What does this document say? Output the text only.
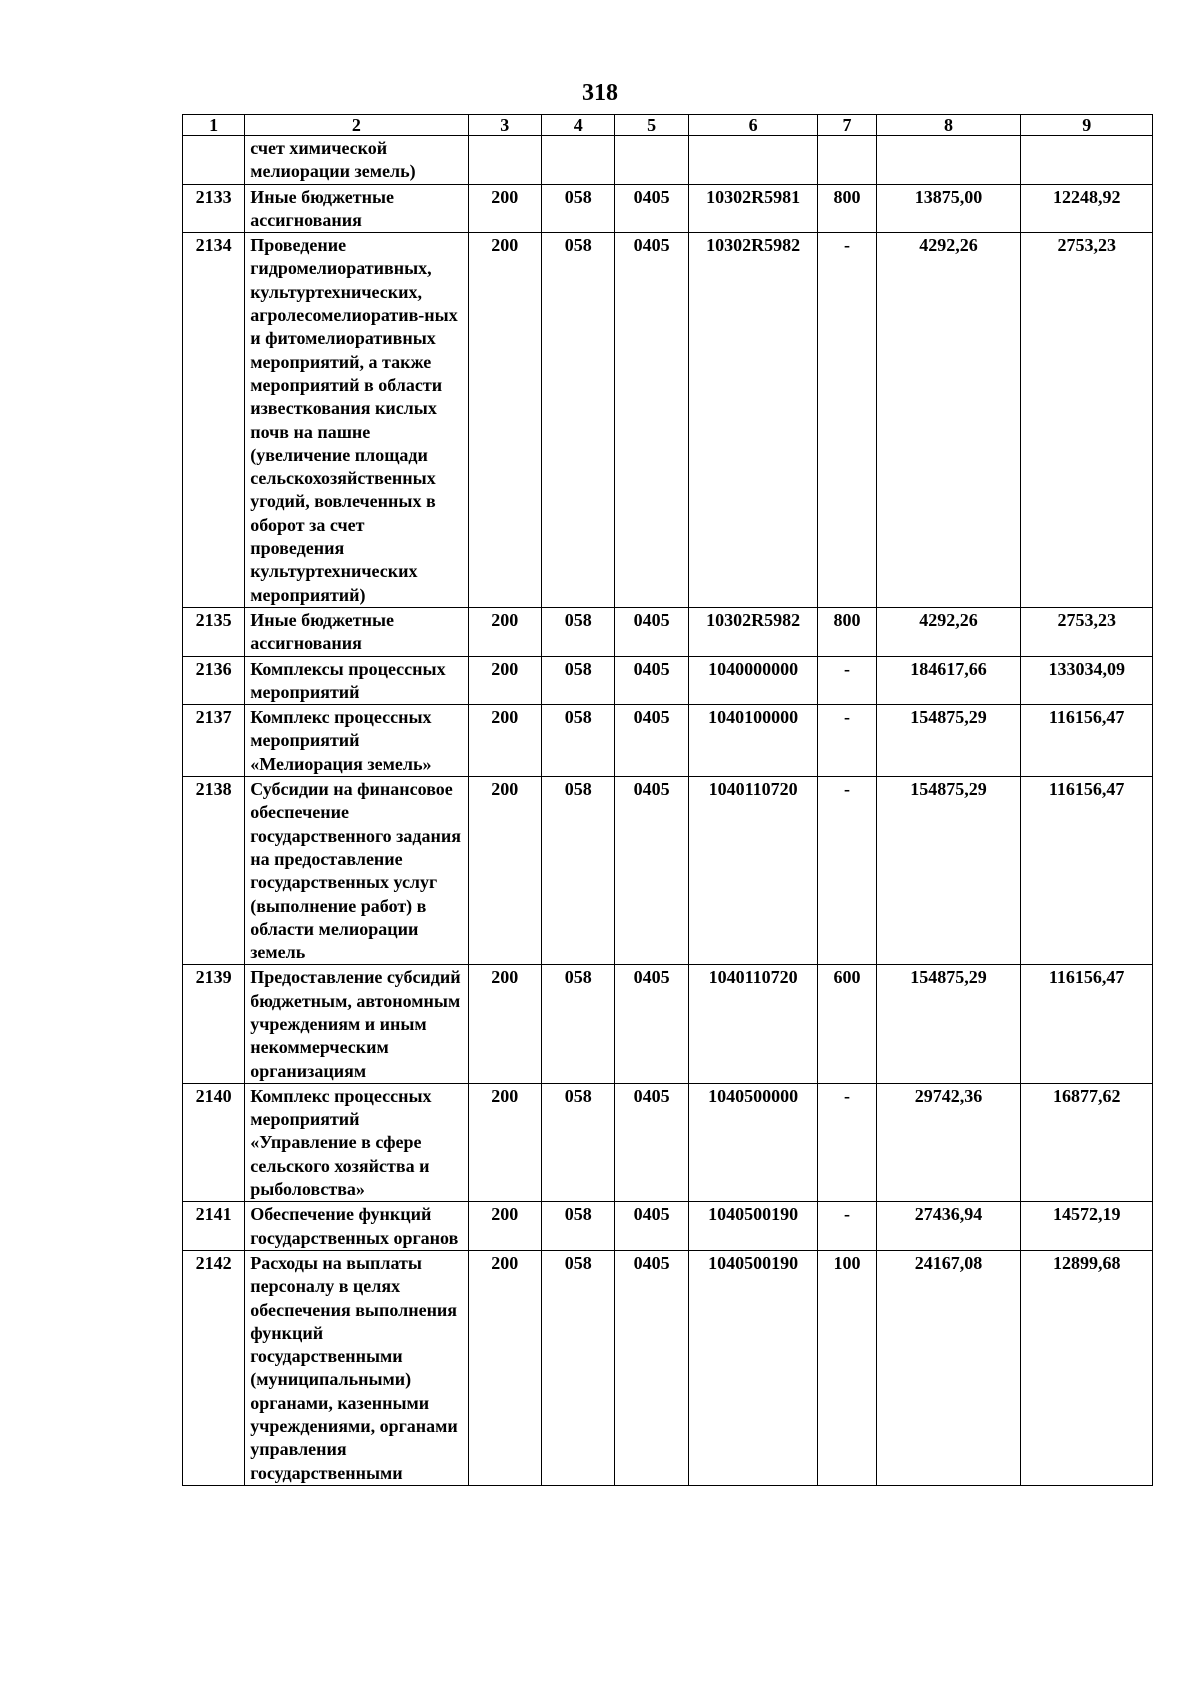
318
1	2	3	4	5	6	7	8	9
	счет химической мелиорации земель)							
2133	Иные бюджетные ассигнования	200	058	0405	10302R5981	800	13875,00	12248,92
2134	Проведение гидромелиоративных, культуртехнических, агролесомелиоратив-ных и фитомелиоративных мероприятий, а также мероприятий в области известкования кислых почв на пашне (увеличение площади сельскохозяйственных угодий, вовлеченных в оборот за счет проведения культуртехнических мероприятий)	200	058	0405	10302R5982	-	4292,26	2753,23
2135	Иные бюджетные ассигнования	200	058	0405	10302R5982	800	4292,26	2753,23
2136	Комплексы процессных мероприятий	200	058	0405	1040000000	-	184617,66	133034,09
2137	Комплекс процессных мероприятий «Мелиорация земель»	200	058	0405	1040100000	-	154875,29	116156,47
2138	Субсидии на финансовое обеспечение государственного задания на предоставление государственных услуг (выполнение работ) в области мелиорации земель	200	058	0405	1040110720	-	154875,29	116156,47
2139	Предоставление субсидий бюджетным, автономным учреждениям и иным некоммерческим организациям	200	058	0405	1040110720	600	154875,29	116156,47
2140	Комплекс процессных мероприятий «Управление в сфере сельского хозяйства и рыболовства»	200	058	0405	1040500000	-	29742,36	16877,62
2141	Обеспечение функций государственных органов	200	058	0405	1040500190	-	27436,94	14572,19
2142	Расходы на выплаты персоналу в целях обеспечения выполнения функций государственными (муниципальными) органами, казенными учреждениями, органами управления государственными	200	058	0405	1040500190	100	24167,08	12899,68
